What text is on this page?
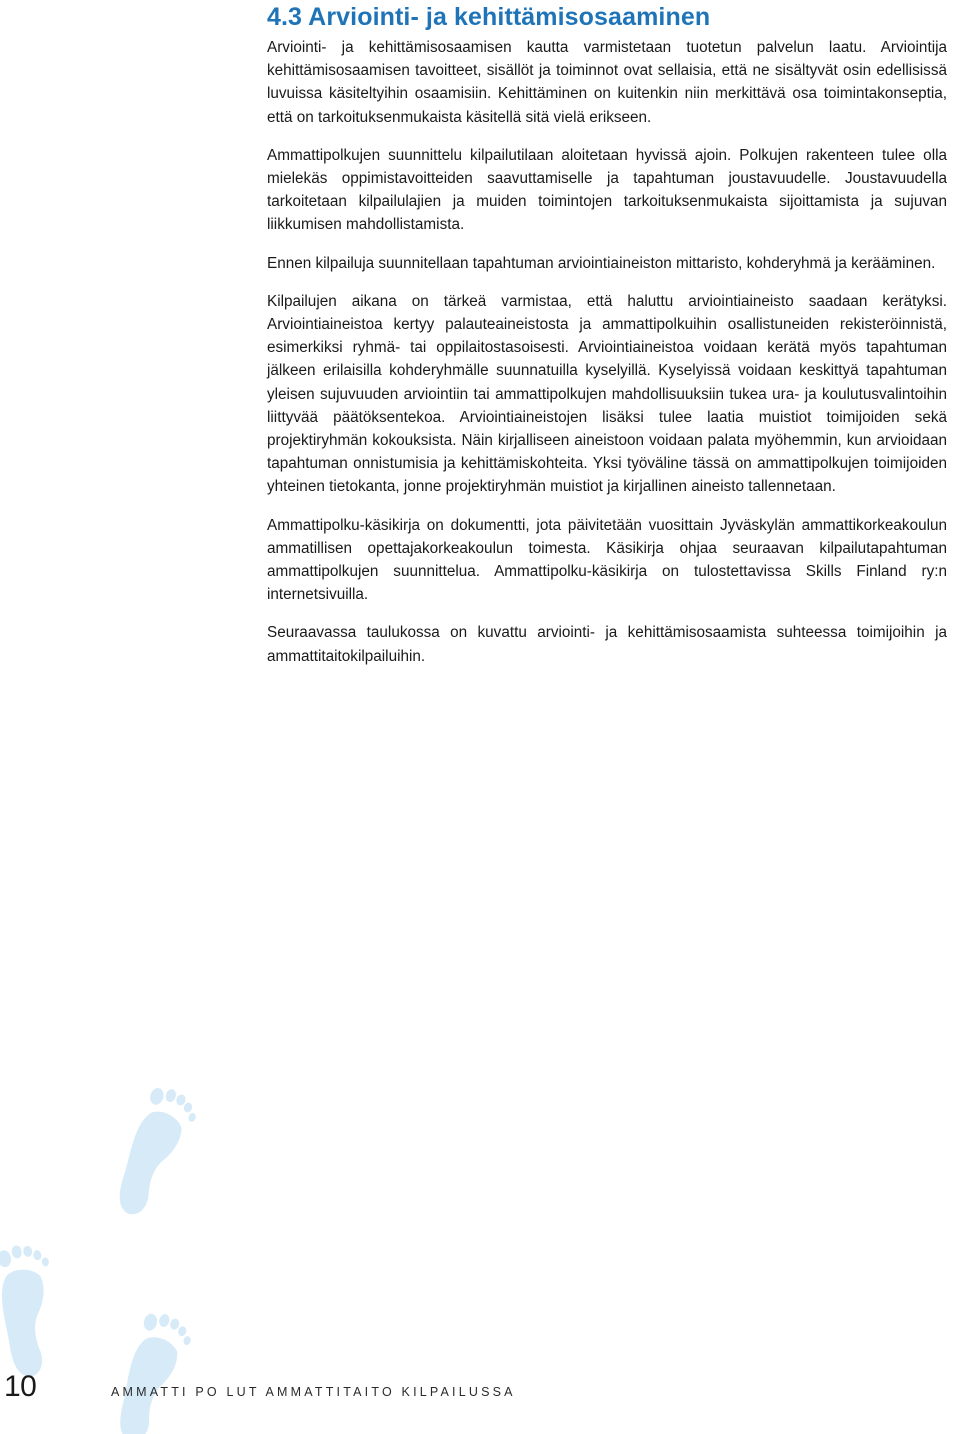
4.3 Arviointi- ja kehittämisosaaminen

Arviointi- ja kehittämisosaamisen kautta varmistetaan tuotetun palvelun laatu. Arviointija kehittämisosaamisen tavoitteet, sisällöt ja toiminnot ovat sellaisia, että ne sisältyvät osin edellisissä luvuissa käsiteltyihin osaamisiin. Kehittäminen on kuitenkin niin merkittävä osa toimintakonseptia, että on tarkoituksenmukaista käsitellä sitä vielä erikseen.

Ammattipolkujen suunnittelu kilpailutilaan aloitetaan hyvissä ajoin. Polkujen rakenteen tulee olla mielekäs oppimistavoitteiden saavuttamiselle ja tapahtuman joustavuudelle. Joustavuudella tarkoitetaan kilpailulajien ja muiden toimintojen tarkoituksenmukaista sijoittamista ja sujuvan liikkumisen mahdollistamista.

Ennen kilpailuja suunnitellaan tapahtuman arviointiaineiston mittaristo, kohderyhmä ja kerääminen.

Kilpailujen aikana on tärkeä varmistaa, että haluttu arviointiaineisto saadaan kerätyksi. Arviointiaineistoa kertyy palauteaineistosta ja ammattipolkuihin osallistuneiden rekisteröinnistä, esimerkiksi ryhmä- tai oppilaitostasoisesti. Arviointiaineistoa voidaan kerätä myös tapahtuman jälkeen erilaisilla kohderyhmälle suunnatuilla kyselyillä. Kyselyissä voidaan keskittyä tapahtuman yleisen sujuvuuden arviointiin tai ammattipolkujen mahdollisuuksiin tukea ura- ja koulutusvalintoihin liittyvää päätöksentekoa. Arviointiaineistojen lisäksi tulee laatia muistiot toimijoiden sekä projektiryhmän kokouksista. Näin kirjalliseen aineistoon voidaan palata myöhemmin, kun arvioidaan tapahtuman onnistumisia ja kehittämiskohteita. Yksi työväline tässä on ammattipolkujen toimijoiden yhteinen tietokanta, jonne projektiryhmän muistiot ja kirjallinen aineisto tallennetaan.

Ammattipolku-käsikirja on dokumentti, jota päivitetään vuosittain Jyväskylän ammattikorkeakoulun ammatillisen opettajakorkeakoulun toimesta. Käsikirja ohjaa seuraavan kilpailutapahtuman ammattipolkujen suunnittelua. Ammattipolku-käsikirja on tulostettavissa Skills Finland ry:n internetsivuilla.

Seuraavassa taulukossa on kuvattu arviointi- ja kehittämisosaamista suhteessa toimijoihin ja ammattitaitokilpailuihin.

10	AMMATTI PO LUT AMMATTITAITO KILPAILUSSA
